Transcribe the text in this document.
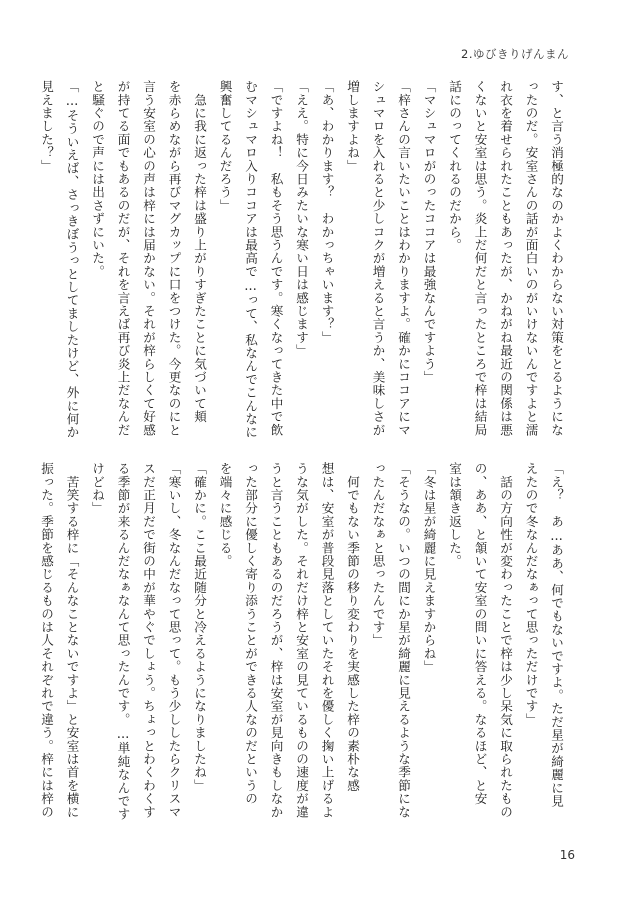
2.ゆびきりげんまん

す、と言う消極的なのかよくわからない対策をとるようにな

ったのだ。安室さんの話が面白いのがいけないんですよと濡

れ衣を着せられたこともあったが、かねがね最近の関係は悪

くないと安室は思う。炎上だ何だと言ったところで梓は結局

話にのってくれるのだから。

「マシュマロがのったココアは最強なんですよう」

「梓さんの言いたいことはわかりますよ。確かにココアにマ

シュマロを入れると少しコクが増えると言うか、美味しさが

増しますよね」

「あ、わかります？　わかっちゃいます？」

「ええ。特に今日みたいな寒い日は感じます」

「ですよね！　私もそう思うんです。寒くなってきた中で飲

むマシュマロ入りココアは最高で…って、私なんでこんなに

興奮してるんだろう」

　急に我に返った梓は盛り上がりすぎたことに気づいて頬

を赤らめながら再びマグカップに口をつけた。今更なのにと

言う安室の心の声は梓には届かない。それが梓らしくて好感

が持てる面でもあるのだが、それを言えば再び炎上だなんだ

と騒ぐので声には出さずにいた。

「…そういえば、さっきぼうっとしてましたけど、外に何か

見えました？」

「え？　あ…ああ、何でもないですよ。ただ星が綺麗に見

えたので冬なんだなぁって思っただけです」

　話の方向性が変わったことで梓は少し呆気に取られたもの

の、ああ、と頷いて安室の問いに答える。なるほど、と安

室は頷き返した。

「冬は星が綺麗に見えますからね」

「そうなの。いつの間にか星が綺麗に見えるような季節にな

ったんだなぁと思ったんです」

　何でもない季節の移り変わりを実感した梓の素朴な感

想は、安室が普段見落としていたそれを優しく掬い上げるよ

うな気がした。それだけ梓と安室の見ているものの速度が違

うと言うこともあるのだろうが、梓は安室が見向きもしなか

った部分に優しく寄り添うことができる人なのだというの

を端々に感じる。

「確かに。ここ最近随分と冷えるようになりましたね」

「寒いし、冬なんだなって思って。もう少ししたらクリスマ

スだ正月だで街の中が華やぐでしょう。ちょっとわくわくす

る季節が来るんだなぁなんて思ったんです。…単純なんです

けどね」

　苦笑する梓に「そんなことないですよ」と安室は首を横に

振った。季節を感じるものは人それぞれで違う。梓には梓の

16
